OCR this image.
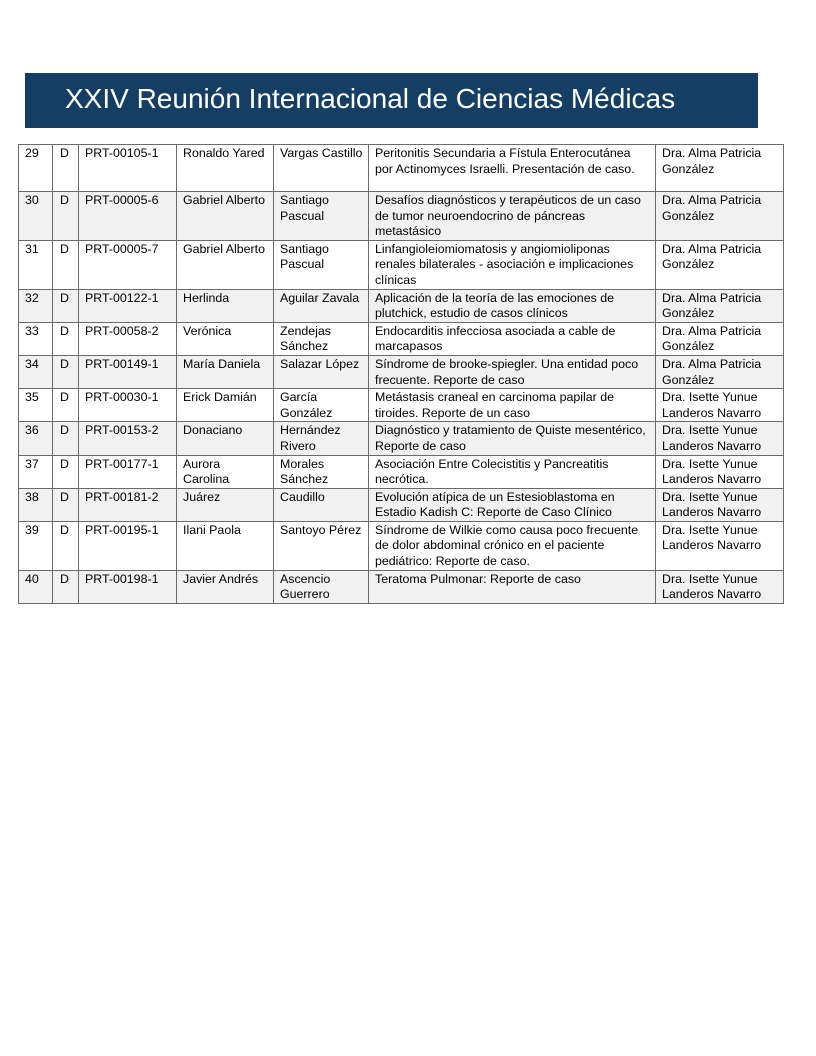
XXIV Reunión Internacional de Ciencias Médicas
29	D	PRT-00105-1	Ronaldo Yared	Vargas Castillo	Peritonitis Secundaria a Fístula Enterocutánea por Actinomyces Israelli. Presentación de caso.	Dra. Alma Patricia González
30	D	PRT-00005-6	Gabriel Alberto	Santiago Pascual	Desafíos diagnósticos y terapéuticos de un caso de tumor neuroendocrino de páncreas metastásico	Dra. Alma Patricia González
31	D	PRT-00005-7	Gabriel Alberto	Santiago Pascual	Linfangioleiomiomatosis y angiomioliponas renales bilaterales - asociación e implicaciones clínicas	Dra. Alma Patricia González
32	D	PRT-00122-1	Herlinda	Aguilar Zavala	Aplicación de la teoría de las emociones de plutchick, estudio de casos clínicos	Dra. Alma Patricia González
33	D	PRT-00058-2	Verónica	Zendejas Sánchez	Endocarditis infecciosa asociada a cable de marcapasos	Dra. Alma Patricia González
34	D	PRT-00149-1	María Daniela	Salazar López	Síndrome de brooke-spiegler. Una entidad poco frecuente. Reporte de caso	Dra. Alma Patricia González
35	D	PRT-00030-1	Erick Damián	García González	Metástasis craneal en carcinoma papilar de tiroides. Reporte de un caso	Dra. Isette Yunue Landeros Navarro
36	D	PRT-00153-2	Donaciano	Hernández Rivero	Diagnóstico y tratamiento de Quiste mesentérico, Reporte de caso	Dra. Isette Yunue Landeros Navarro
37	D	PRT-00177-1	Aurora Carolina	Morales Sánchez	Asociación Entre Colecistitis y Pancreatitis necrótica.	Dra. Isette Yunue Landeros Navarro
38	D	PRT-00181-2	Juárez	Caudillo	Evolución atípica de un Estesioblastoma en Estadio Kadish C: Reporte de Caso Clínico	Dra. Isette Yunue Landeros Navarro
39	D	PRT-00195-1	Ilani Paola	Santoyo Pérez	Síndrome de Wilkie como causa poco frecuente de dolor abdominal crónico en el paciente pediátrico: Reporte de caso.	Dra. Isette Yunue Landeros Navarro
40	D	PRT-00198-1	Javier Andrés	Ascencio Guerrero	Teratoma Pulmonar: Reporte de caso	Dra. Isette Yunue Landeros Navarro
